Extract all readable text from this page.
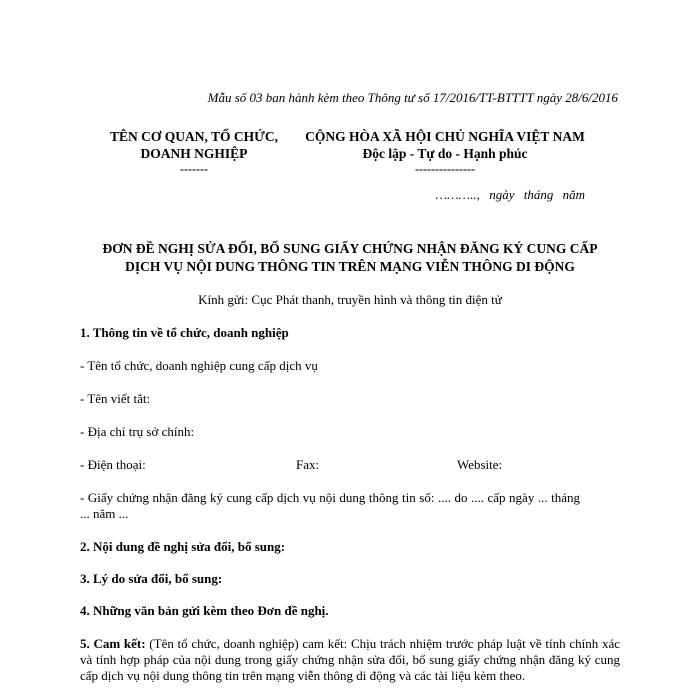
Mẫu số 03 ban hành kèm theo Thông tư số 17/2016/TT-BTTTT ngày 28/6/2016
TÊN CƠ QUAN, TỔ CHỨC,
DOANH NGHIỆP
-------
CỘNG HÒA XÃ HỘI CHỦ NGHĨA VIỆT NAM
Độc lập - Tự do - Hạnh phúc
---------------
……….., ngày tháng năm
ĐƠN ĐỀ NGHỊ SỬA ĐỔI, BỔ SUNG GIẤY CHỨNG NHẬN ĐĂNG KÝ CUNG CẤP
DỊCH VỤ NỘI DUNG THÔNG TIN TRÊN MẠNG VIỄN THÔNG DI ĐỘNG
Kính gửi: Cục Phát thanh, truyền hình và thông tin điện tử
1. Thông tin về tổ chức, doanh nghiệp
- Tên tổ chức, doanh nghiệp cung cấp dịch vụ
- Tên viết tắt:
- Địa chỉ trụ sở chính:
- Điện thoại:	Fax:	Website:
- Giấy chứng nhận đăng ký cung cấp dịch vụ nội dung thông tin số: .... do .... cấp ngày ... tháng ... năm ...
2. Nội dung đề nghị sửa đổi, bổ sung:
3. Lý do sửa đổi, bổ sung:
4. Những văn bản gửi kèm theo Đơn đề nghị.
5. Cam kết: (Tên tổ chức, doanh nghiệp) cam kết: Chịu trách nhiệm trước pháp luật về tính chính xác và tính hợp pháp của nội dung trong giấy chứng nhận sửa đổi, bổ sung giấy chứng nhận đăng ký cung cấp dịch vụ nội dung thông tin trên mạng viễn thông di động và các tài liệu kèm theo.
